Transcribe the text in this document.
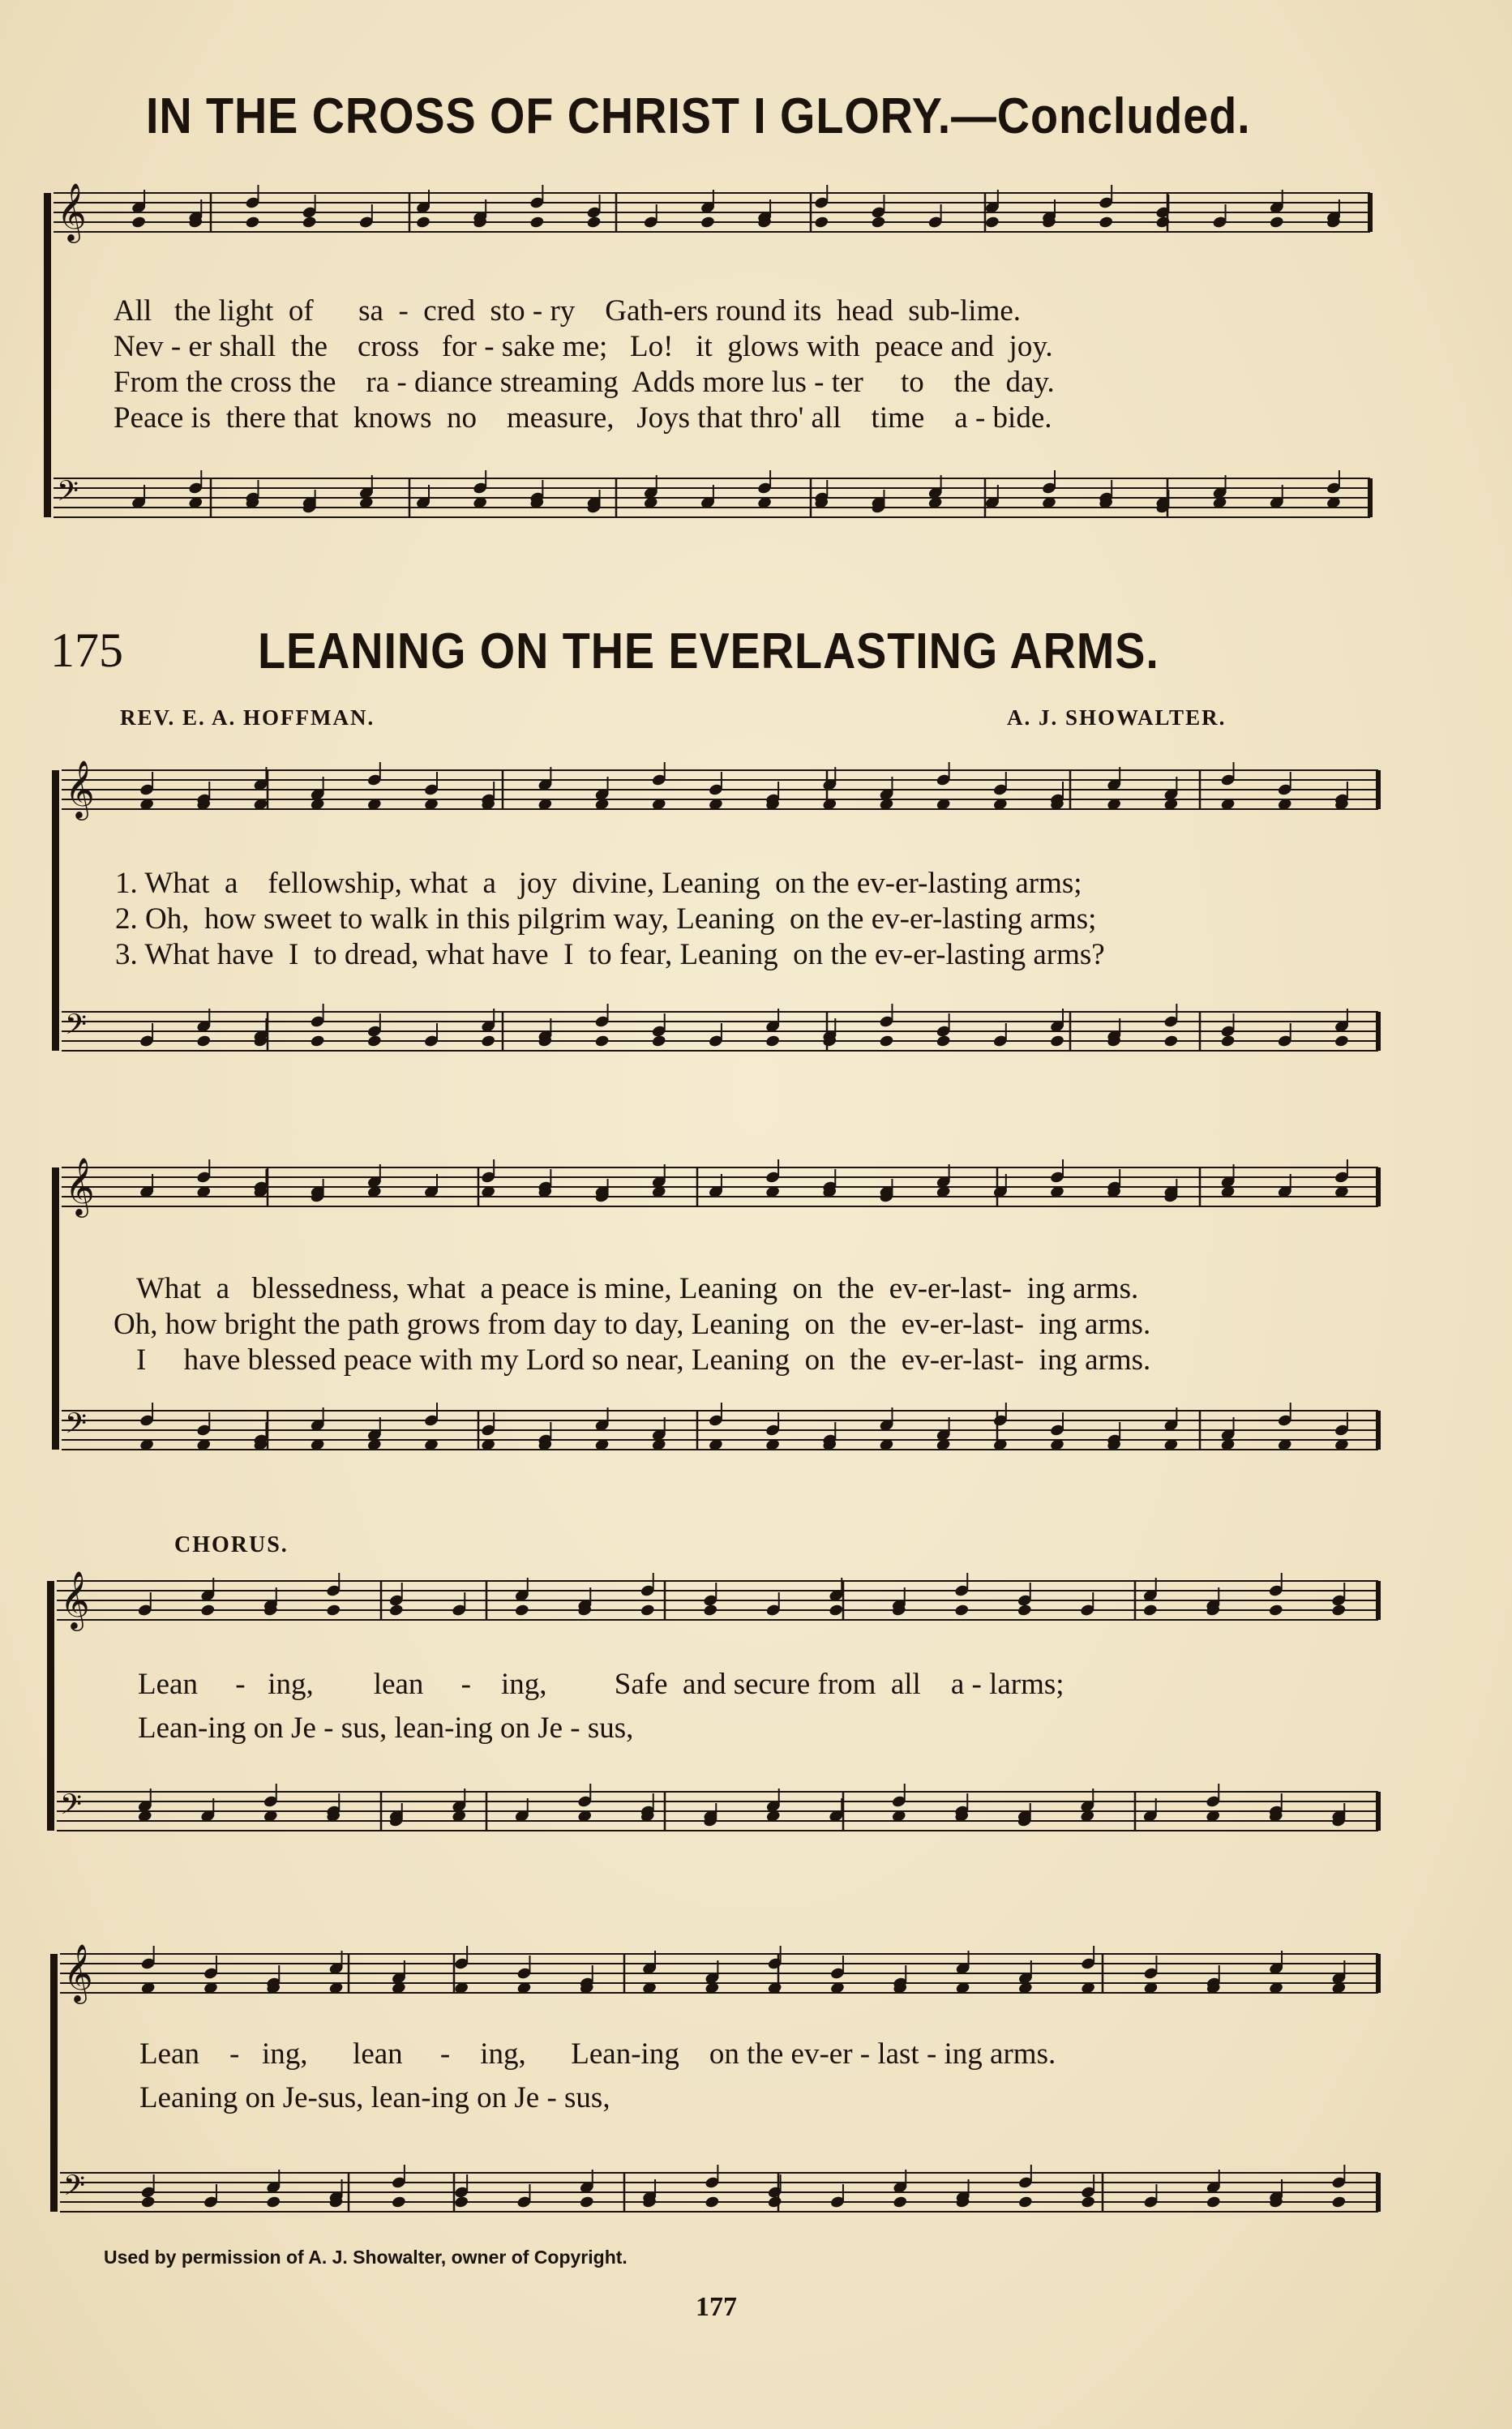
𝄞
𝄢
𝄞
𝄢
𝄞
𝄢
𝄞
𝄢
𝄞
𝄢
IN THE CROSS OF CHRIST I GLORY.—Concluded.
175	LEANING ON THE EVERLASTING ARMS.
REV. E. A. HOFFMAN.	A. J. SHOWALTER.
All   the light  of      sa  -  cred  sto - ry    Gath-ers round its  head  sub-lime.
Nev - er shall  the    cross   for - sake me;   Lo!   it  glows with  peace and  joy.
From the cross the    ra - diance streaming  Adds more lus - ter     to    the  day.
Peace is  there that  knows  no    measure,   Joys that thro' all    time    a - bide.
1. What  a    fellowship, what  a   joy  divine, Leaning  on the ev-er-lasting arms;
2. Oh,  how sweet to walk in this pilgrim way, Leaning  on the ev-er-lasting arms;
3. What have  I  to dread, what have  I  to fear, Leaning  on the ev-er-lasting arms?
What  a   blessedness, what  a peace is mine, Leaning  on  the  ev-er-last-  ing arms.
Oh, how bright the path grows from day to day, Leaning  on  the  ev-er-last-  ing arms.
I     have blessed peace with my Lord so near, Leaning  on  the  ev-er-last-  ing arms.
CHORUS.
Lean     -   ing,        lean     -    ing,         Safe  and secure from  all    a - larms;
Lean-ing on Je - sus, lean-ing on Je - sus,
Lean    -   ing,      lean     -    ing,      Lean-ing    on the ev-er - last - ing arms.
Leaning on Je-sus, lean-ing on Je - sus,
Used by permission of A. J. Showalter, owner of Copyright.
177
